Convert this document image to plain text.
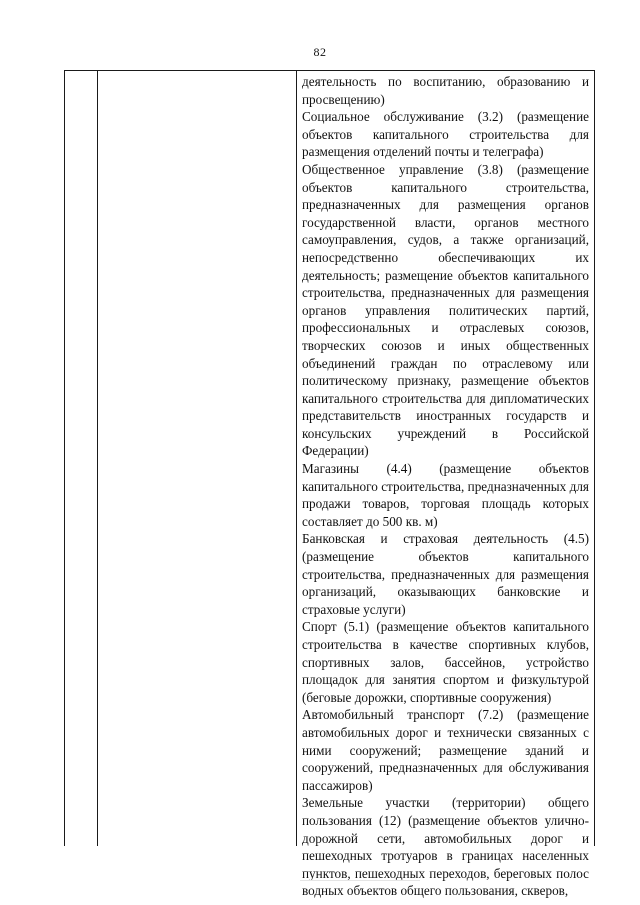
82

деятельность по воспитанию, образованию и просвещению)

Социальное обслуживание (3.2) (размещение объектов капитального строительства для размещения отделений почты и телеграфа)

Общественное управление (3.8) (размещение объектов капитального строительства, предназначенных для размещения органов государственной власти, органов местного самоуправления, судов, а также организаций, непосредственно обеспечивающих их деятельность; размещение объектов капитального строительства, предназначенных для размещения органов управления политических партий, профессиональных и отраслевых союзов, творческих союзов и иных общественных объединений граждан по отраслевому или политическому признаку, размещение объектов капитального строительства для дипломатических представительств иностранных государств и консульских учреждений в Российской Федерации)

Магазины (4.4) (размещение объектов капитального строительства, предназначенных для продажи товаров, торговая площадь которых составляет до 500 кв. м)

Банковская и страховая деятельность (4.5) (размещение объектов капитального строительства, предназначенных для размещения организаций, оказывающих банковские и страховые услуги)

Спорт (5.1) (размещение объектов капитального строительства в качестве спортивных клубов, спортивных залов, бассейнов, устройство площадок для занятия спортом и физкультурой (беговые дорожки, спортивные сооружения)

Автомобильный транспорт (7.2) (размещение автомобильных дорог и технически связанных с ними сооружений; размещение зданий и сооружений, предназначенных для обслуживания пассажиров)

Земельные участки (территории) общего пользования (12) (размещение объектов улично-дорожной сети, автомобильных дорог и пешеходных тротуаров в границах населенных пунктов, пешеходных переходов, береговых полос водных объектов общего пользования, скверов,
